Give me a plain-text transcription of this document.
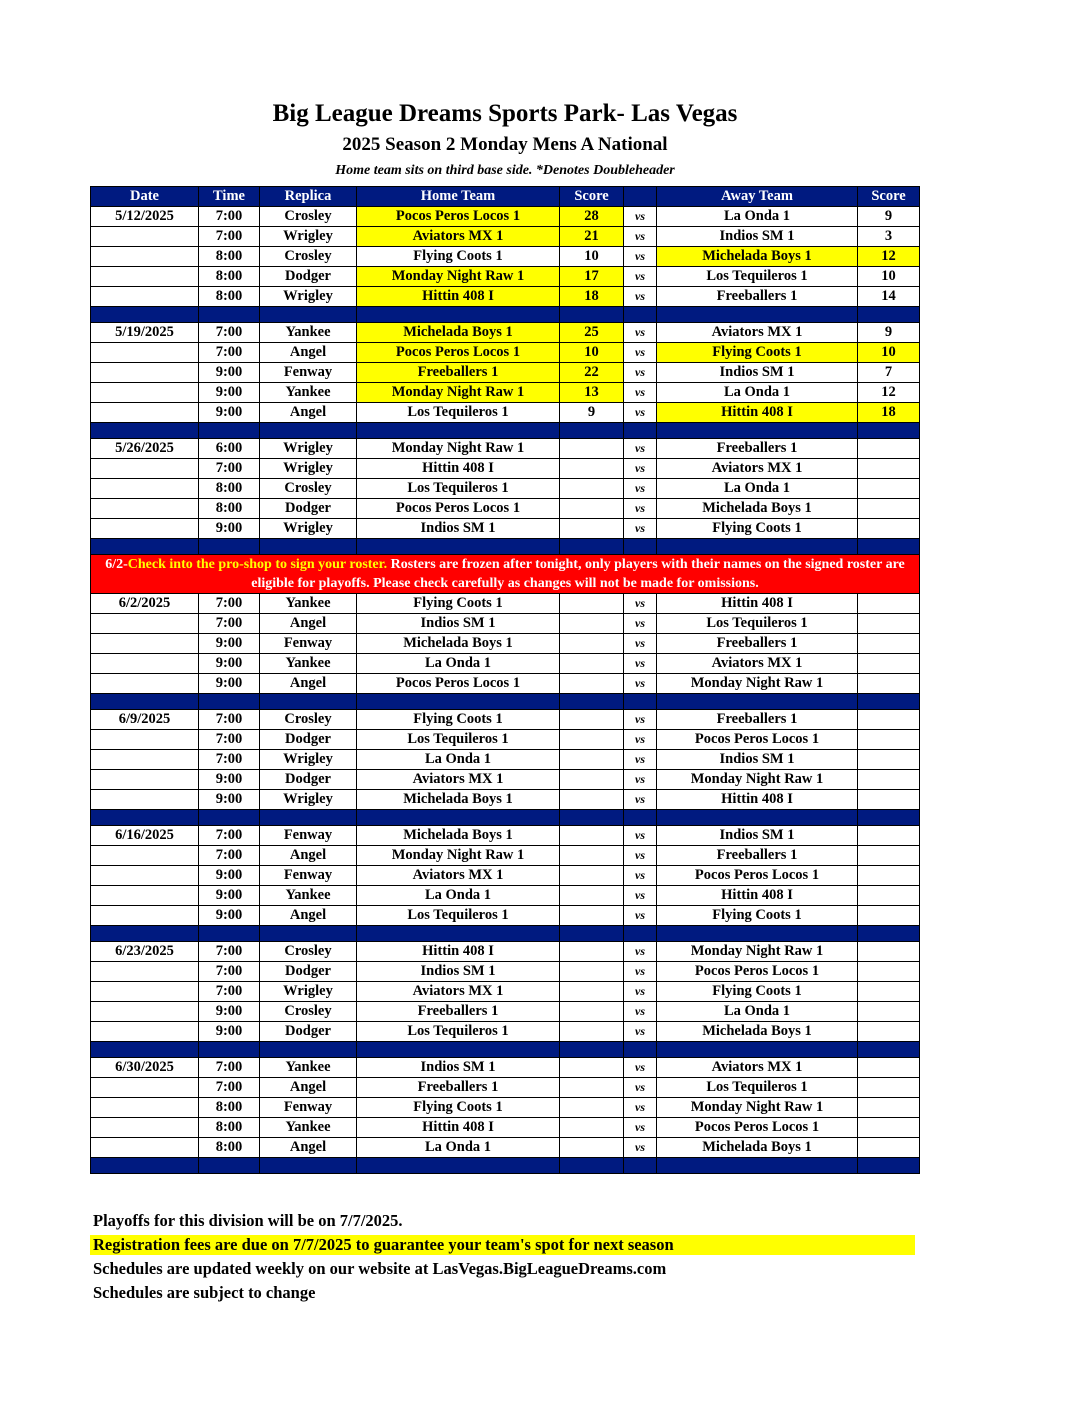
Big League Dreams Sports Park- Las Vegas
2025 Season 2 Monday Mens A National
Home team sits on third base side. *Denotes Doubleheader
Date	Time	Replica	Home Team	Score		Away Team	Score
5/12/2025	7:00	Crosley	Pocos Peros Locos 1	28	vs	La Onda 1	9
	7:00	Wrigley	Aviators MX 1	21	vs	Indios SM 1	3
	8:00	Crosley	Flying Coots 1	10	vs	Michelada Boys 1	12
	8:00	Dodger	Monday Night Raw 1	17	vs	Los Tequileros 1	10
	8:00	Wrigley	Hittin 408 I	18	vs	Freeballers 1	14

5/19/2025	7:00	Yankee	Michelada Boys 1	25	vs	Aviators MX 1	9
	7:00	Angel	Pocos Peros Locos 1	10	vs	Flying Coots 1	10
	9:00	Fenway	Freeballers 1	22	vs	Indios SM 1	7
	9:00	Yankee	Monday Night Raw 1	13	vs	La Onda 1	12
	9:00	Angel	Los Tequileros 1	9	vs	Hittin 408 I	18

5/26/2025	6:00	Wrigley	Monday Night Raw 1		vs	Freeballers 1	
	7:00	Wrigley	Hittin 408 I		vs	Aviators MX 1	
	8:00	Crosley	Los Tequileros 1		vs	La Onda 1	
	8:00	Dodger	Pocos Peros Locos 1		vs	Michelada Boys 1	
	9:00	Wrigley	Indios SM 1		vs	Flying Coots 1	

6/2-Check into the pro-shop to sign your roster. Rosters are frozen after tonight, only players with their names on the signed roster are eligible for playoffs. Please check carefully as changes will not be made for omissions.							
6/2/2025	7:00	Yankee	Flying Coots 1		vs	Hittin 408 I	
	7:00	Angel	Indios SM 1		vs	Los Tequileros 1	
	9:00	Fenway	Michelada Boys 1		vs	Freeballers 1	
	9:00	Yankee	La Onda 1		vs	Aviators MX 1	
	9:00	Angel	Pocos Peros Locos 1		vs	Monday Night Raw 1	

6/9/2025	7:00	Crosley	Flying Coots 1		vs	Freeballers 1	
	7:00	Dodger	Los Tequileros 1		vs	Pocos Peros Locos 1	
	7:00	Wrigley	La Onda 1		vs	Indios SM 1	
	9:00	Dodger	Aviators MX 1		vs	Monday Night Raw 1	
	9:00	Wrigley	Michelada Boys 1		vs	Hittin 408 I	

6/16/2025	7:00	Fenway	Michelada Boys 1		vs	Indios SM 1	
	7:00	Angel	Monday Night Raw 1		vs	Freeballers 1	
	9:00	Fenway	Aviators MX 1		vs	Pocos Peros Locos 1	
	9:00	Yankee	La Onda 1		vs	Hittin 408 I	
	9:00	Angel	Los Tequileros 1		vs	Flying Coots 1	

6/23/2025	7:00	Crosley	Hittin 408 I		vs	Monday Night Raw 1	
	7:00	Dodger	Indios SM 1		vs	Pocos Peros Locos 1	
	7:00	Wrigley	Aviators MX 1		vs	Flying Coots 1	
	9:00	Crosley	Freeballers 1		vs	La Onda 1	
	9:00	Dodger	Los Tequileros 1		vs	Michelada Boys 1	

6/30/2025	7:00	Yankee	Indios SM 1		vs	Aviators MX 1	
	7:00	Angel	Freeballers 1		vs	Los Tequileros 1	
	8:00	Fenway	Flying Coots 1		vs	Monday Night Raw 1	
	8:00	Yankee	Hittin 408 I		vs	Pocos Peros Locos 1	
	8:00	Angel	La Onda 1		vs	Michelada Boys 1	

Playoffs for this division will be on 7/7/2025.
Registration fees are due on 7/7/2025 to guarantee your team's spot for next season
Schedules are updated weekly on our website at LasVegas.BigLeagueDreams.com
Schedules are subject to change
